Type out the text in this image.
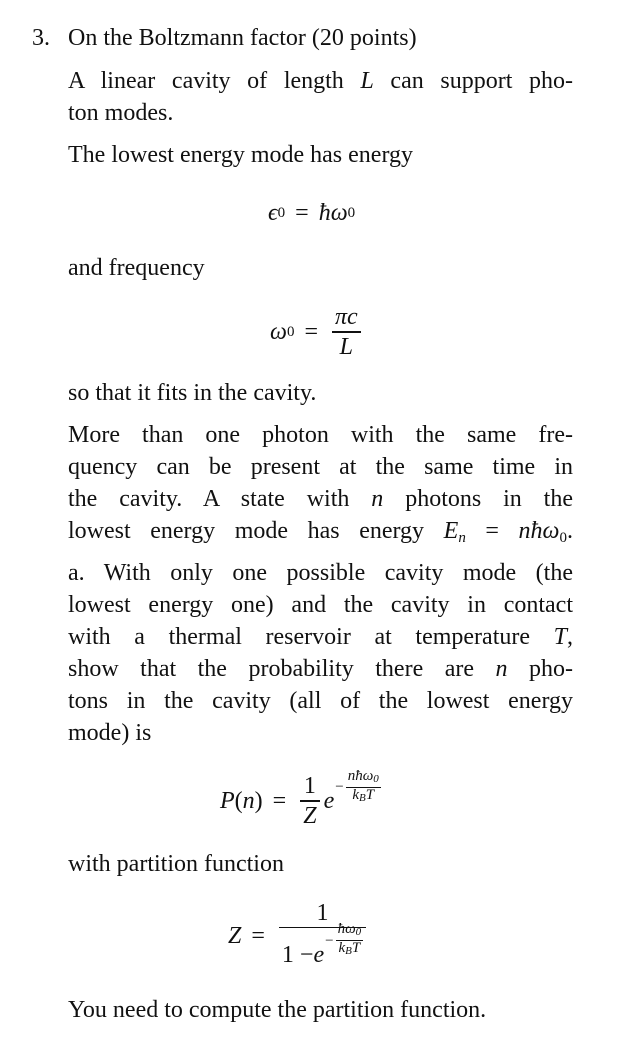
3. On the Boltzmann factor (20 points)
A linear cavity of length L can support pho-
ton modes.
The lowest energy mode has energy
ϵ 0 = ħω 0
and frequency
ω $0 = \frac{\pi c}{L}$
so that it fits in the cavity.
More than one photon with the same fre-
quency can be present at the same time in
the cavity. A state with n photons in the
lowest energy mode has energy $E_n$ = nħω$_0$.
a. With only one possible cavity mode (the
lowest energy one) and the cavity in contact
with a thermal reservoir at temperature T,
show that the probability there are n pho-
tons in the cavity (all of the lowest energy
mode) is
P ( n ) = $\frac{1}{Z}$ e
− $\frac{\text{nħω0}}{\text{kBT}}$
with partition function
Z =
1
1 − e
− $\frac{ħ\omega 0}{\text{kBT}}$
You need to compute the partition function.
